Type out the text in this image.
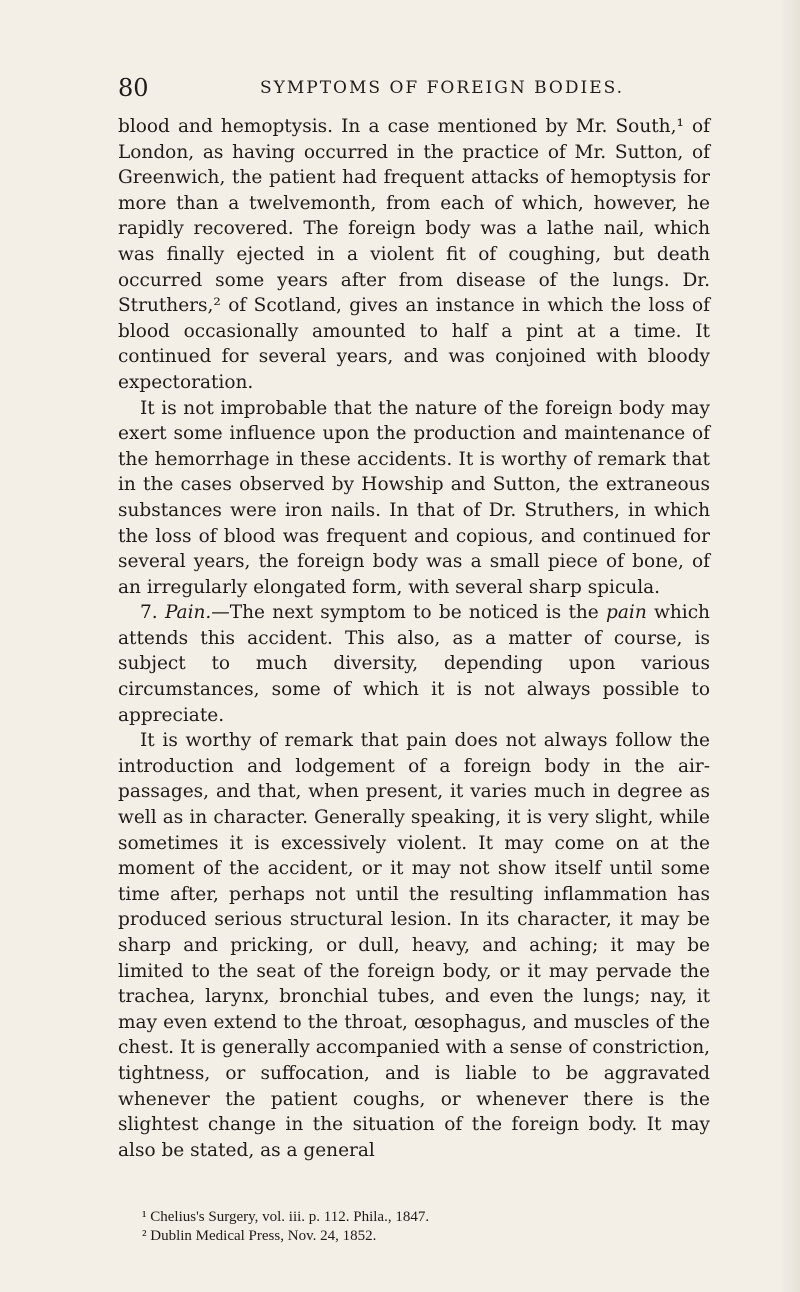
80	SYMPTOMS OF FOREIGN BODIES.

blood and hemoptysis. In a case mentioned by Mr. South,¹ of London, as having occurred in the practice of Mr. Sutton, of Greenwich, the patient had frequent attacks of hemoptysis for more than a twelvemonth, from each of which, however, he rapidly recovered. The foreign body was a lathe nail, which was finally ejected in a violent fit of coughing, but death occurred some years after from disease of the lungs. Dr. Struthers,² of Scotland, gives an instance in which the loss of blood occasionally amounted to half a pint at a time. It continued for several years, and was conjoined with bloody expectoration.

It is not improbable that the nature of the foreign body may exert some influence upon the production and maintenance of the hemorrhage in these accidents. It is worthy of remark that in the cases observed by Howship and Sutton, the extraneous substances were iron nails. In that of Dr. Struthers, in which the loss of blood was frequent and copious, and continued for several years, the foreign body was a small piece of bone, of an irregularly elongated form, with several sharp spicula.

7. Pain.—The next symptom to be noticed is the pain which attends this accident. This also, as a matter of course, is subject to much diversity, depending upon various circumstances, some of which it is not always possible to appreciate.

It is worthy of remark that pain does not always follow the introduction and lodgement of a foreign body in the air-passages, and that, when present, it varies much in degree as well as in character. Generally speaking, it is very slight, while sometimes it is excessively violent. It may come on at the moment of the accident, or it may not show itself until some time after, perhaps not until the resulting inflammation has produced serious structural lesion. In its character, it may be sharp and pricking, or dull, heavy, and aching; it may be limited to the seat of the foreign body, or it may pervade the trachea, larynx, bronchial tubes, and even the lungs; nay, it may even extend to the throat, œsophagus, and muscles of the chest. It is generally accompanied with a sense of constriction, tightness, or suffocation, and is liable to be aggravated whenever the patient coughs, or whenever there is the slightest change in the situation of the foreign body. It may also be stated, as a general

¹ Chelius's Surgery, vol. iii. p. 112. Phila., 1847.
² Dublin Medical Press, Nov. 24, 1852.
